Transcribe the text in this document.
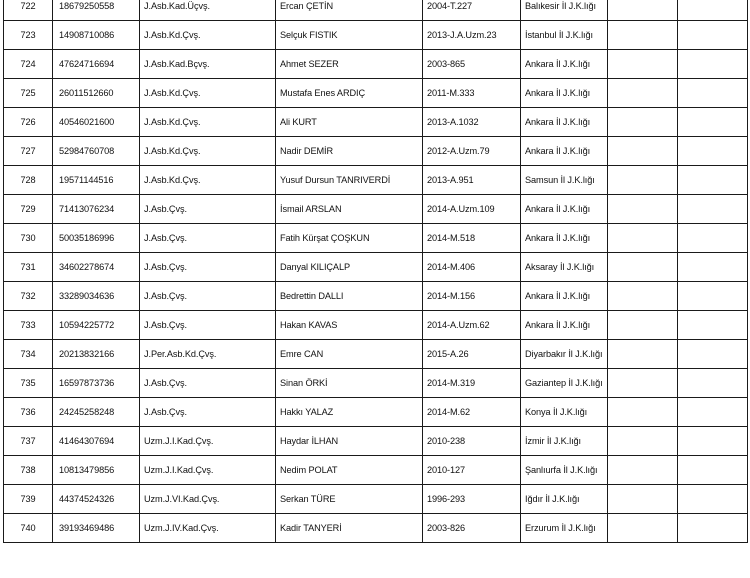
722	18679250558	J.Asb.Kad.Üçvş.	Ercan ÇETİN	2004-T.227	Balıkesir İl J.K.lığı		
723	14908710086	J.Asb.Kd.Çvş.	Selçuk FISTIK	2013-J.A.Uzm.23	İstanbul İl J.K.lığı		
724	47624716694	J.Asb.Kad.Bçvş.	Ahmet SEZER	2003-865	Ankara İl J.K.lığı		
725	26011512660	J.Asb.Kd.Çvş.	Mustafa Enes ARDIÇ	2011-M.333	Ankara İl J.K.lığı		
726	40546021600	J.Asb.Kd.Çvş.	Ali KURT	2013-A.1032	Ankara İl J.K.lığı		
727	52984760708	J.Asb.Kd.Çvş.	Nadir DEMİR	2012-A.Uzm.79	Ankara İl J.K.lığı		
728	19571144516	J.Asb.Kd.Çvş.	Yusuf Dursun TANRIVERDİ	2013-A.951	Samsun İl J.K.lığı		
729	71413076234	J.Asb.Çvş.	İsmail ARSLAN	2014-A.Uzm.109	Ankara İl J.K.lığı		
730	50035186996	J.Asb.Çvş.	Fatih Kürşat ÇOŞKUN	2014-M.518	Ankara İl J.K.lığı		
731	34602278674	J.Asb.Çvş.	Danyal KILIÇALP	2014-M.406	Aksaray İl J.K.lığı		
732	33289034636	J.Asb.Çvş.	Bedrettin DALLI	2014-M.156	Ankara İl J.K.lığı		
733	10594225772	J.Asb.Çvş.	Hakan KAVAS	2014-A.Uzm.62	Ankara İl J.K.lığı		
734	20213832166	J.Per.Asb.Kd.Çvş.	Emre CAN	2015-A.26	Diyarbakır İl J.K.lığı		
735	16597873736	J.Asb.Çvş.	Sinan ÖRKİ	2014-M.319	Gaziantep İl J.K.lığı		
736	24245258248	J.Asb.Çvş.	Hakkı YALAZ	2014-M.62	Konya İl J.K.lığı		
737	41464307694	Uzm.J.I.Kad.Çvş.	Haydar İLHAN	2010-238	İzmir İl J.K.lığı		
738	10813479856	Uzm.J.I.Kad.Çvş.	Nedim POLAT	2010-127	Şanlıurfa İl J.K.lığı		
739	44374524326	Uzm.J.VI.Kad.Çvş.	Serkan TÜRE	1996-293	Iğdır İl J.K.lığı		
740	39193469486	Uzm.J.IV.Kad.Çvş.	Kadir TANYERİ	2003-826	Erzurum İl J.K.lığı		
